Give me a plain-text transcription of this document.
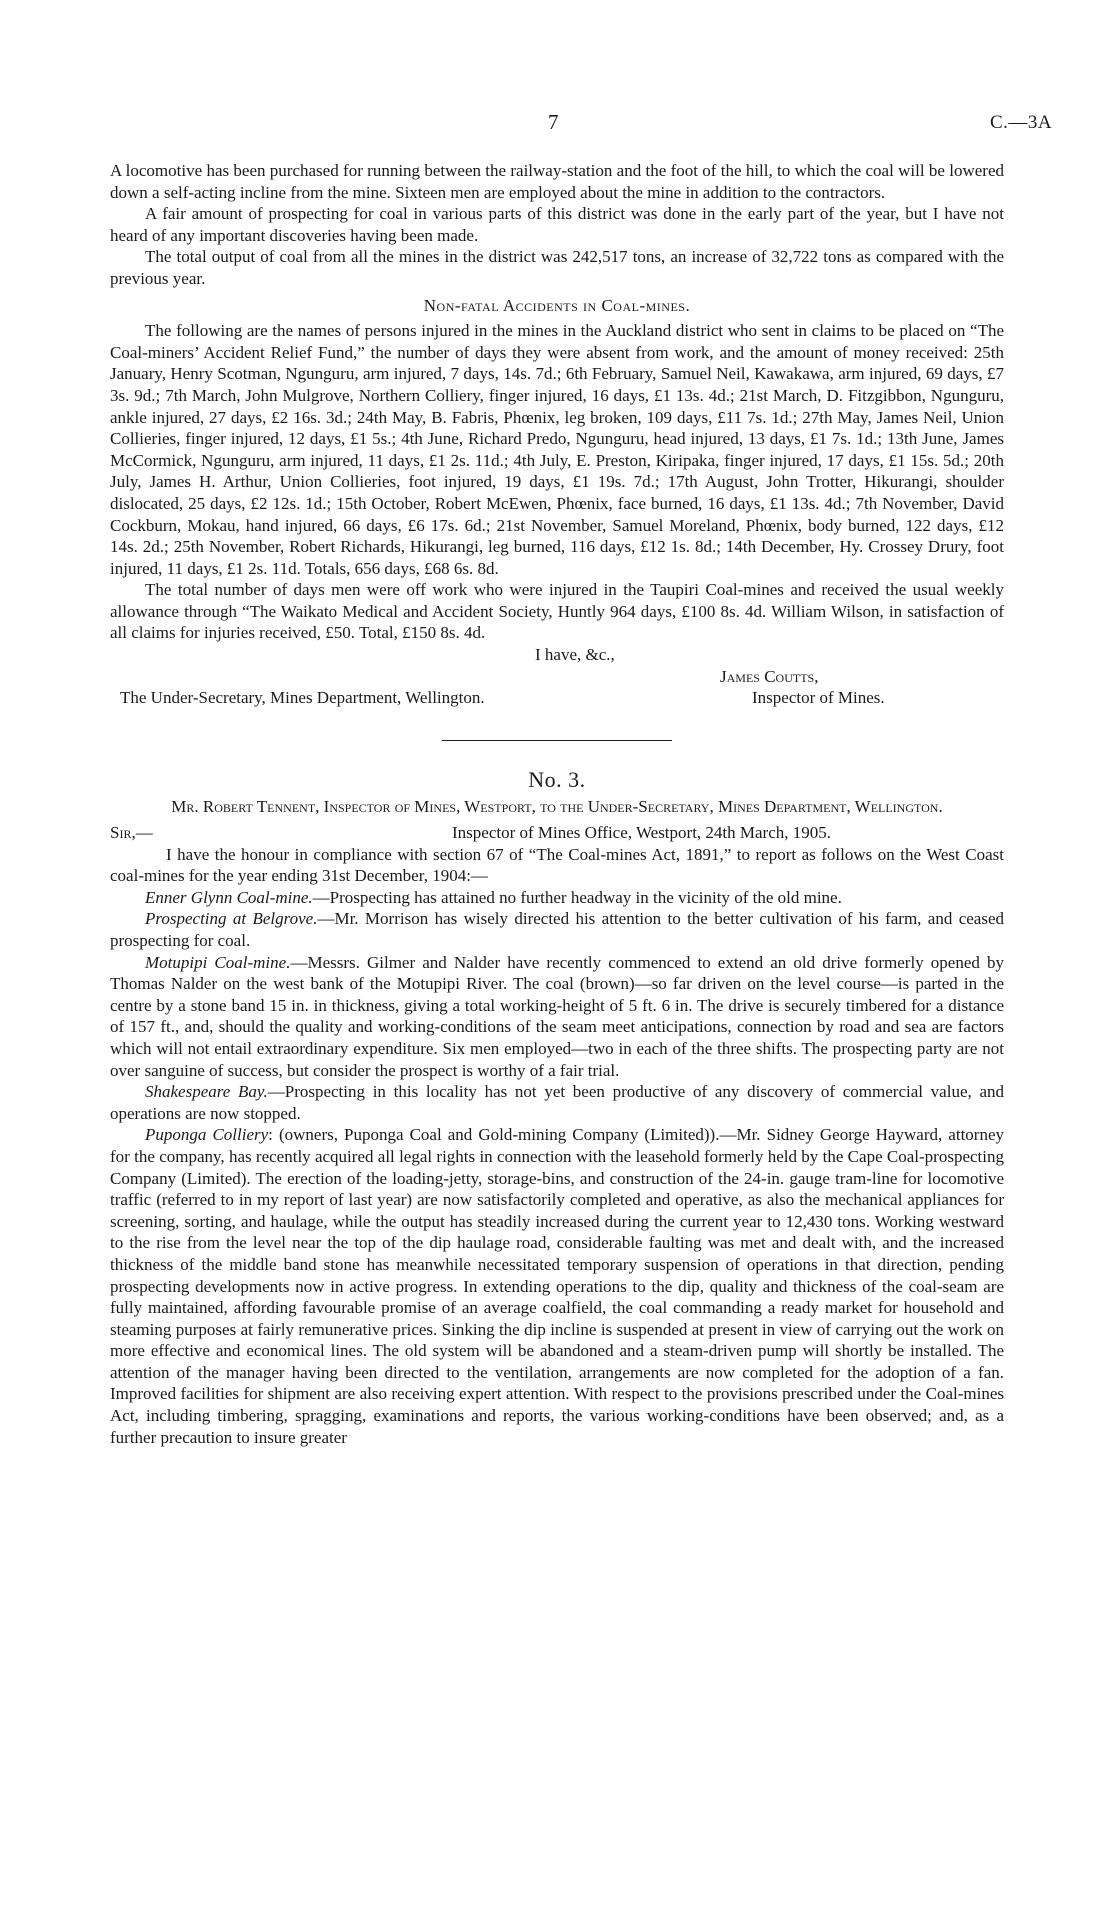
7	C.—3A

A locomotive has been purchased for running between the railway-station and the foot of the hill, to which the coal will be lowered down a self-acting incline from the mine. Sixteen men are employed about the mine in addition to the contractors.

A fair amount of prospecting for coal in various parts of this district was done in the early part of the year, but I have not heard of any important discoveries having been made.

The total output of coal from all the mines in the district was 242,517 tons, an increase of 32,722 tons as compared with the previous year.

Non-fatal Accidents in Coal-mines.

The following are the names of persons injured in the mines in the Auckland district who sent in claims to be placed on “The Coal-miners’ Accident Relief Fund,” the number of days they were absent from work, and the amount of money received: 25th January, Henry Scotman, Ngunguru, arm injured, 7 days, 14s. 7d.; 6th February, Samuel Neil, Kawakawa, arm injured, 69 days, £7 3s. 9d.; 7th March, John Mulgrove, Northern Colliery, finger injured, 16 days, £1 13s. 4d.; 21st March, D. Fitzgibbon, Ngunguru, ankle injured, 27 days, £2 16s. 3d.; 24th May, B. Fabris, Phœnix, leg broken, 109 days, £11 7s. 1d.; 27th May, James Neil, Union Collieries, finger injured, 12 days, £1 5s.; 4th June, Richard Predo, Ngunguru, head injured, 13 days, £1 7s. 1d.; 13th June, James McCormick, Ngunguru, arm injured, 11 days, £1 2s. 11d.; 4th July, E. Preston, Kiripaka, finger injured, 17 days, £1 15s. 5d.; 20th July, James H. Arthur, Union Collieries, foot injured, 19 days, £1 19s. 7d.; 17th August, John Trotter, Hikurangi, shoulder dislocated, 25 days, £2 12s. 1d.; 15th October, Robert McEwen, Phœnix, face burned, 16 days, £1 13s. 4d.; 7th November, David Cockburn, Mokau, hand injured, 66 days, £6 17s. 6d.; 21st November, Samuel Moreland, Phœnix, body burned, 122 days, £12 14s. 2d.; 25th November, Robert Richards, Hikurangi, leg burned, 116 days, £12 1s. 8d.; 14th December, Hy. Crossey Drury, foot injured, 11 days, £1 2s. 11d. Totals, 656 days, £68 6s. 8d.

The total number of days men were off work who were injured in the Taupiri Coal-mines and received the usual weekly allowance through “The Waikato Medical and Accident Society, Huntly 964 days, £100 8s. 4d. William Wilson, in satisfaction of all claims for injuries received, £50. Total, £150 8s. 4d.

I have, &c.,
James Coutts,
The Under-Secretary, Mines Department, Wellington.	Inspector of Mines.
No. 3.

Mr. Robert Tennent, Inspector of Mines, Westport, to the Under-Secretary, Mines Department, Wellington.

Sir,—	Inspector of Mines Office, Westport, 24th March, 1905.

I have the honour in compliance with section 67 of “The Coal-mines Act, 1891,” to report as follows on the West Coast coal-mines for the year ending 31st December, 1904:—

Enner Glynn Coal-mine.—Prospecting has attained no further headway in the vicinity of the old mine.

Prospecting at Belgrove.—Mr. Morrison has wisely directed his attention to the better cultivation of his farm, and ceased prospecting for coal.

Motupipi Coal-mine.—Messrs. Gilmer and Nalder have recently commenced to extend an old drive formerly opened by Thomas Nalder on the west bank of the Motupipi River. The coal (brown)—so far driven on the level course—is parted in the centre by a stone band 15 in. in thickness, giving a total working-height of 5 ft. 6 in. The drive is securely timbered for a distance of 157 ft., and, should the quality and working-conditions of the seam meet anticipations, connection by road and sea are factors which will not entail extraordinary expenditure. Six men employed—two in each of the three shifts. The prospecting party are not over sanguine of success, but consider the prospect is worthy of a fair trial.

Shakespeare Bay.—Prospecting in this locality has not yet been productive of any discovery of commercial value, and operations are now stopped.

Puponga Colliery: (owners, Puponga Coal and Gold-mining Company (Limited)).—Mr. Sidney George Hayward, attorney for the company, has recently acquired all legal rights in connection with the leasehold formerly held by the Cape Coal-prospecting Company (Limited). The erection of the loading-jetty, storage-bins, and construction of the 24-in. gauge tram-line for locomotive traffic (referred to in my report of last year) are now satisfactorily completed and operative, as also the mechanical appliances for screening, sorting, and haulage, while the output has steadily increased during the current year to 12,430 tons. Working westward to the rise from the level near the top of the dip haulage road, considerable faulting was met and dealt with, and the increased thickness of the middle band stone has meanwhile necessitated temporary suspension of operations in that direction, pending prospecting developments now in active progress. In extending operations to the dip, quality and thickness of the coal-seam are fully maintained, affording favourable promise of an average coalfield, the coal commanding a ready market for household and steaming purposes at fairly remunerative prices. Sinking the dip incline is suspended at present in view of carrying out the work on more effective and economical lines. The old system will be abandoned and a steam-driven pump will shortly be installed. The attention of the manager having been directed to the ventilation, arrangements are now completed for the adoption of a fan. Improved facilities for shipment are also receiving expert attention. With respect to the provisions prescribed under the Coal-mines Act, including timbering, spragging, examinations and reports, the various working-conditions have been observed; and, as a further precaution to insure greater
